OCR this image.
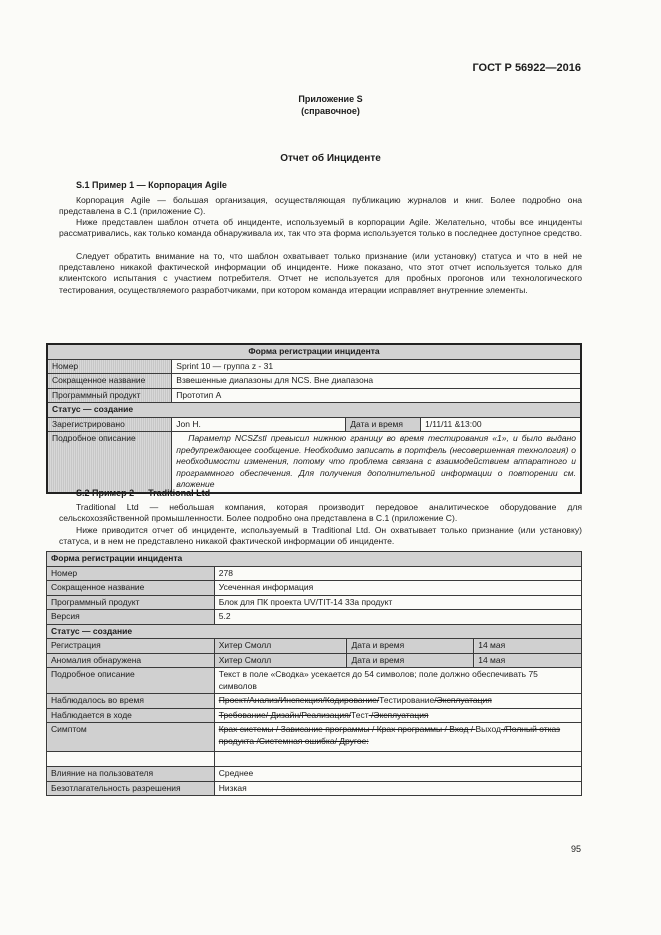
ГОСТ Р 56922—2016
Приложение S
(справочное)
Отчет об Инциденте
S.1 Пример 1 — Корпорация Agile

Корпорация Agile — большая организация, осуществляющая публикацию журналов и книг. Более подробно она представлена в С.1 (приложение С).

Ниже представлен шаблон отчета об инциденте, используемый в корпорации Agile. Желательно, чтобы все инциденты рассматривались, как только команда обнаруживала их, так что эта форма используется только в последнее доступное средство.

Следует обратить внимание на то, что шаблон охватывает только признание (или установку) статуса и что в ней не представлено никакой фактической информации об инциденте. Ниже показано, что этот отчет используется только для клиентского испытания с участием потребителя. Отчет не используется для пробных прогонов или технологического тестирования, осуществляемого разработчиками, при котором команда итерации исправляет внутренние элементы.

Форма регистрации инцидента			
Номер	Sprint 10 — группа z - 31		
Сокращенное название	Взвешенные диапазоны для NCS. Вне диапазона		
Программный продукт	Прототип А		
Статус — создание			
Зарегистрировано	Jon H.	Дата и время	1/11/11 &13:00
Подробное описание	Параметр NCSZstl превысил нижнюю границу во время тестирования «1», и было выдано предупреждающее сообщение. Необходимо записать в портфель (несовершенная технология) о необходимости изменения, потому что проблема связана с взаимодействием аппаратного и программного обеспечения. Для получения дополнительной информации о повторении см. вложение		
S.2 Пример 2 — Traditional Ltd

Traditional Ltd — небольшая компания, которая производит передовое аналитическое оборудование для сельскохозяйственной промышленности. Более подробно она представлена в С.1 (приложение С).

Ниже приводится отчет об инциденте, используемый в Traditional Ltd. Он охватывает только признание (или установку) статуса, и в нем не представлено никакой фактической информации об инциденте.

Форма регистрации инцидента			
Номер	278		
Сокращенное название	Усеченная информация		
Программный продукт	Блок для ПК проекта UV/TIT-14 33a продукт		
Версия	5.2		
Статус — создание			
Регистрация	Хитер Смолл	Дата и время	14 мая
Аномалия обнаружена	Хитер Смолл	Дата и время	14 мая
Подробное описание	Текст в поле «Сводка» усекается до 54 символов; поле должно обеспечивать 75 символов		
Наблюдалось во время	Проект/Анализ/Инспекция/Кодирование/Тестирование/Эксплуатация		
Наблюдается в ходе	Требование/ Дизайн/Реализация/Тест /Эксплуатация		
Симптом	Крах системы / Зависание программы / Крах программы / Вход / Выход /Полный отказ продукта /Системная ошибка/ Другое:		

Влияние на пользователя	Среднее		
Безотлагательность разрешения	Низкая		
95
